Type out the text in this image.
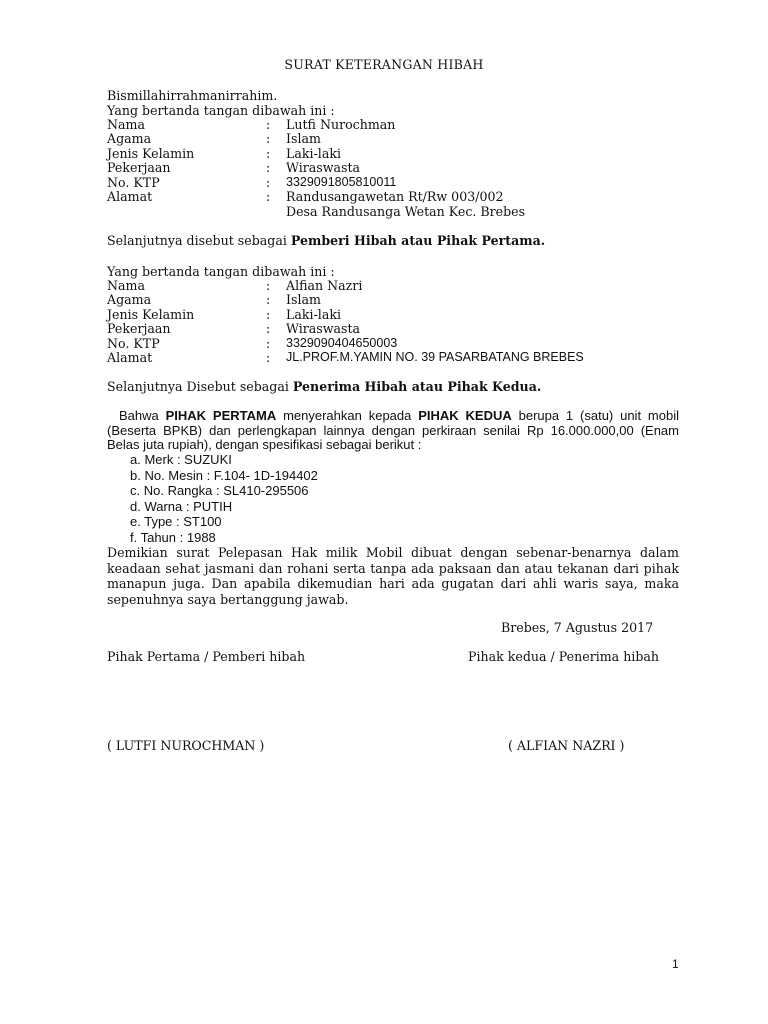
SURAT KETERANGAN HIBAH
Bismillahirrahmanirrahim.
Yang bertanda tangan dibawah ini :
Nama	: Lutfi Nurochman
Agama	: Islam
Jenis Kelamin	: Laki-laki
Pekerjaan	: Wiraswasta
No. KTP	: 3329091805810011
Alamat	: Randusangawetan Rt/Rw 003/002
Desa Randusanga Wetan Kec. Brebes
Selanjutnya disebut sebagai Pemberi Hibah atau Pihak Pertama.
Yang bertanda tangan dibawah ini :
Nama	: Alfian Nazri
Agama	: Islam
Jenis Kelamin	: Laki-laki
Pekerjaan	: Wiraswasta
No. KTP	: 3329090404650003
Alamat	: JL.PROF.M.YAMIN NO. 39 PASARBATANG BREBES
Selanjutnya Disebut sebagai Penerima Hibah atau Pihak Kedua.
Bahwa PIHAK PERTAMA menyerahkan kepada PIHAK KEDUA berupa 1 (satu) unit mobil (Beserta BPKB) dan perlengkapan lainnya dengan perkiraan senilai Rp 16.000.000,00 (Enam Belas juta rupiah), dengan spesifikasi sebagai berikut :
a. Merk : SUZUKI
b. No. Mesin : F.104- 1D-194402
c. No. Rangka : SL410-295506
d. Warna : PUTIH
e. Type : ST100
f. Tahun : 1988
Demikian surat Pelepasan Hak milik Mobil dibuat dengan sebenar-benarnya dalam keadaan sehat jasmani dan rohani serta tanpa ada paksaan dan atau tekanan dari pihak manapun juga. Dan apabila dikemudian hari ada gugatan dari ahli waris saya, maka sepenuhnya saya bertanggung jawab.
Brebes, 7 Agustus 2017
Pihak Pertama / Pemberi hibah	Pihak kedua / Penerima hibah
( LUTFI NUROCHMAN )	( ALFIAN NAZRI )
1
